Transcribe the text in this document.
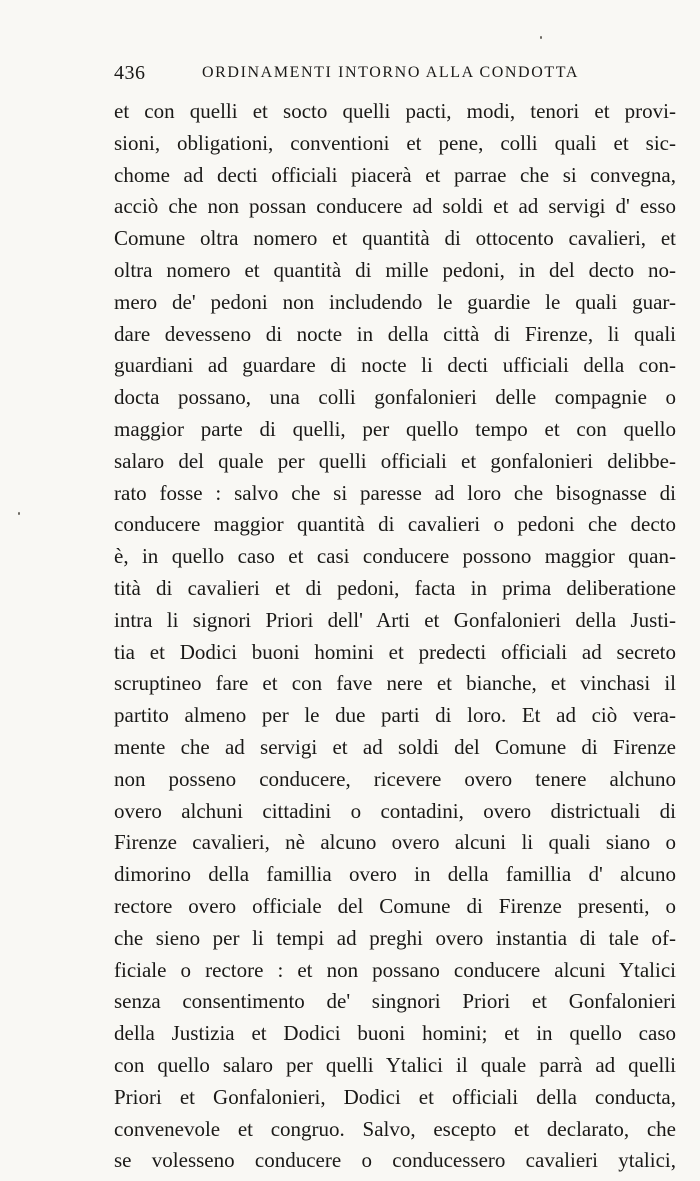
436	ORDINAMENTI INTORNO ALLA CONDOTTA
et con quelli et socto quelli pacti, modi, tenori et provi-
sioni, obligationi, conventioni et pene, colli quali et sic-
chome ad decti officiali piacerà et parrae che si convegna,
acciò che non possan conducere ad soldi et ad servigi d' esso
Comune oltra nomero et quantità di ottocento cavalieri, et
oltra nomero et quantità di mille pedoni, in del decto no-
mero de' pedoni non includendo le guardie le quali guar-
dare devesseno di nocte in della città di Firenze, li quali
guardiani ad guardare di nocte li decti ufficiali della con-
docta possano, una colli gonfalonieri delle compagnie o
maggior parte di quelli, per quello tempo et con quello
salaro del quale per quelli officiali et gonfalonieri delibbe-
rato fosse : salvo che si paresse ad loro che bisognasse di
conducere maggior quantità di cavalieri o pedoni che decto
è, in quello caso et casi conducere possono maggior quan-
tità di cavalieri et di pedoni, facta in prima deliberatione
intra li signori Priori dell' Arti et Gonfalonieri della Justi-
tia et Dodici buoni homini et predecti officiali ad secreto
scruptineo fare et con fave nere et bianche, et vinchasi il
partito almeno per le due parti di loro. Et ad ciò vera-
mente che ad servigi et ad soldi del Comune di Firenze
non posseno conducere, ricevere overo tenere alchuno
overo alchuni cittadini o contadini, overo districtuali di
Firenze cavalieri, nè alcuno overo alcuni li quali siano o
dimorino della famillia overo in della famillia d' alcuno
rectore overo officiale del Comune di Firenze presenti, o
che sieno per li tempi ad preghi overo instantia di tale of-
ficiale o rectore : et non possano conducere alcuni Ytalici
senza consentimento de' singnori Priori et Gonfalonieri
della Justizia et Dodici buoni homini; et in quello caso
con quello salaro per quelli Ytalici il quale parrà ad quelli
Priori et Gonfalonieri, Dodici et officiali della conducta,
convenevole et congruo. Salvo, escepto et declarato, che
se volesseno conducere o conducessero cavalieri ytalici,
